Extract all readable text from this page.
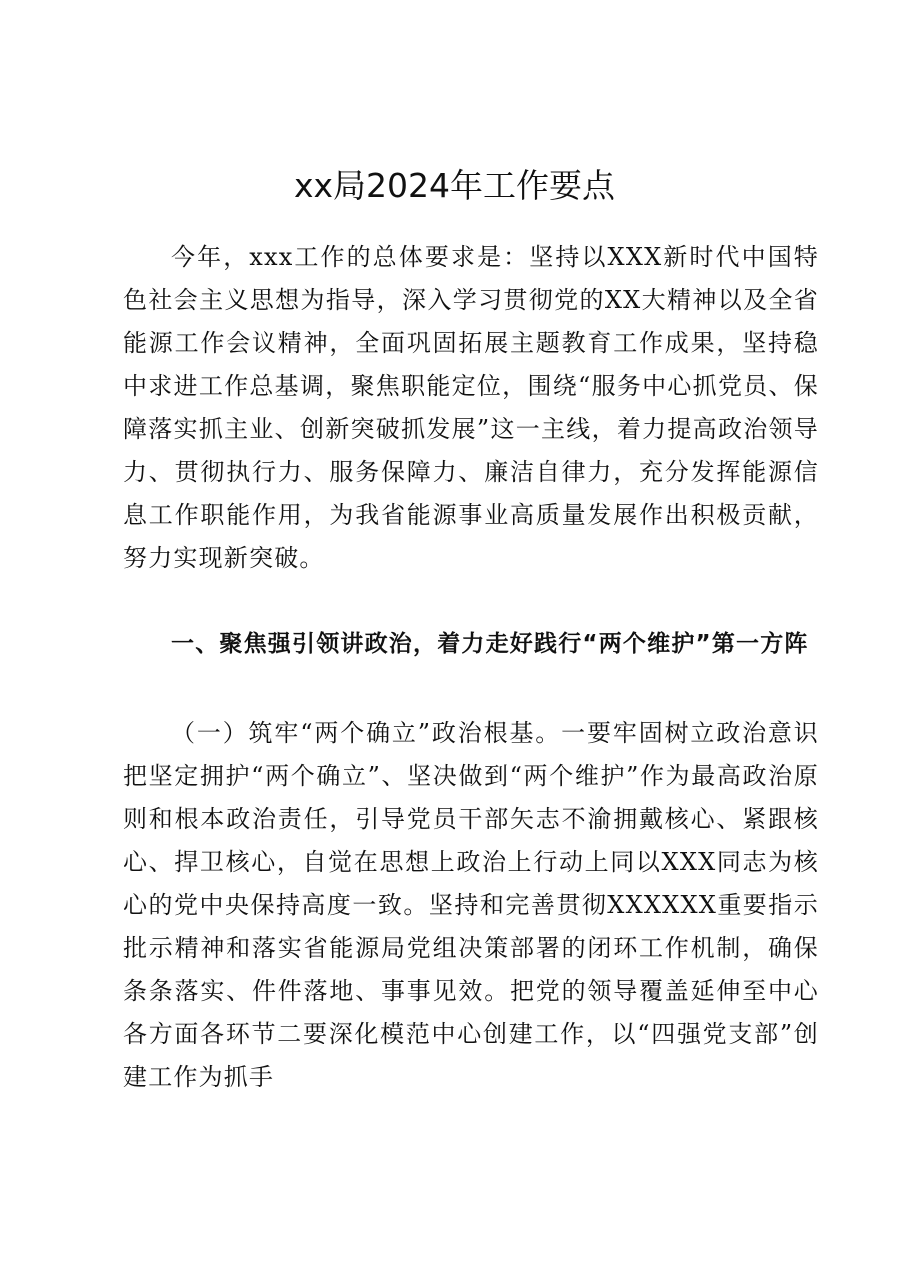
xx局2024年工作要点

今年，xxx工作的总体要求是：坚持以XXX新时代中国特色社会主义思想为指导，深入学习贯彻党的XX大精神以及全省能源工作会议精神，全面巩固拓展主题教育工作成果，坚持稳中求进工作总基调，聚焦职能定位，围绕“服务中心抓党员、保障落实抓主业、创新突破抓发展”这一主线，着力提高政治领导力、贯彻执行力、服务保障力、廉洁自律力，充分发挥能源信息工作职能作用，为我省能源事业高质量发展作出积极贡献，努力实现新突破。

一、聚焦强引领讲政治，着力走好践行“两个维护”第一方阵

（一）筑牢“两个确立”政治根基。一要牢固树立政治意识把坚定拥护“两个确立”、坚决做到“两个维护”作为最高政治原则和根本政治责任，引导党员干部矢志不渝拥戴核心、紧跟核心、捍卫核心，自觉在思想上政治上行动上同以XXX同志为核心的党中央保持高度一致。坚持和完善贯彻XXXXXX重要指示批示精神和落实省能源局党组决策部署的闭环工作机制，确保条条落实、件件落地、事事见效。把党的领导覆盖延伸至中心各方面各环节二要深化模范中心创建工作，以“四强党支部”创建工作为抓手
